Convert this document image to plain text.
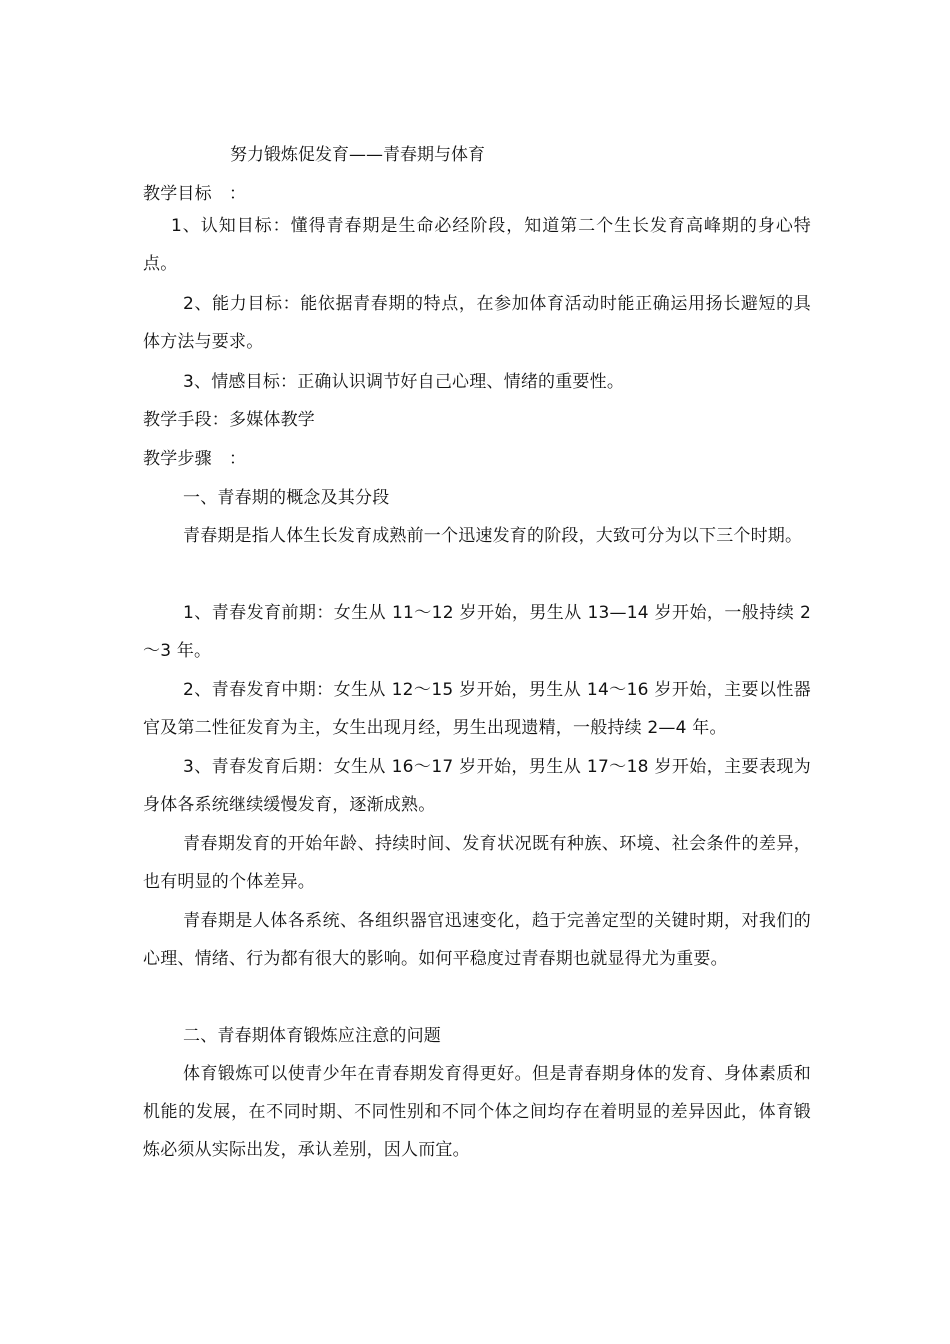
努力锻炼促发育——青春期与体育
教学目标　：
1、认知目标：懂得青春期是生命必经阶段，知道第二个生长发育高峰期的身心特点。
2、能力目标：能依据青春期的特点，在参加体育活动时能正确运用扬长避短的具体方法与要求。
3、情感目标：正确认识调节好自己心理、情绪的重要性。
教学手段：多媒体教学
教学步骤　：
一、青春期的概念及其分段
青春期是指人体生长发育成熟前一个迅速发育的阶段，大致可分为以下三个时期。
1、青春发育前期：女生从 11～12 岁开始，男生从 13—14 岁开始，一般持续 2～3 年。
2、青春发育中期：女生从 12～15 岁开始，男生从 14～16 岁开始，主要以性器官及第二性征发育为主，女生出现月经，男生出现遗精，一般持续 2—4 年。
3、青春发育后期：女生从 16～17 岁开始，男生从 17～18 岁开始，主要表现为身体各系统继续缓慢发育，逐渐成熟。
青春期发育的开始年龄、持续时间、发育状况既有种族、环境、社会条件的差异，也有明显的个体差异。
青春期是人体各系统、各组织器官迅速变化，趋于完善定型的关键时期，对我们的心理、情绪、行为都有很大的影响。如何平稳度过青春期也就显得尤为重要。
二、青春期体育锻炼应注意的问题
体育锻炼可以使青少年在青春期发育得更好。但是青春期身体的发育、身体素质和机能的发展，在不同时期、不同性别和不同个体之间均存在着明显的差异因此，体育锻炼必须从实际出发，承认差别，因人而宜。
